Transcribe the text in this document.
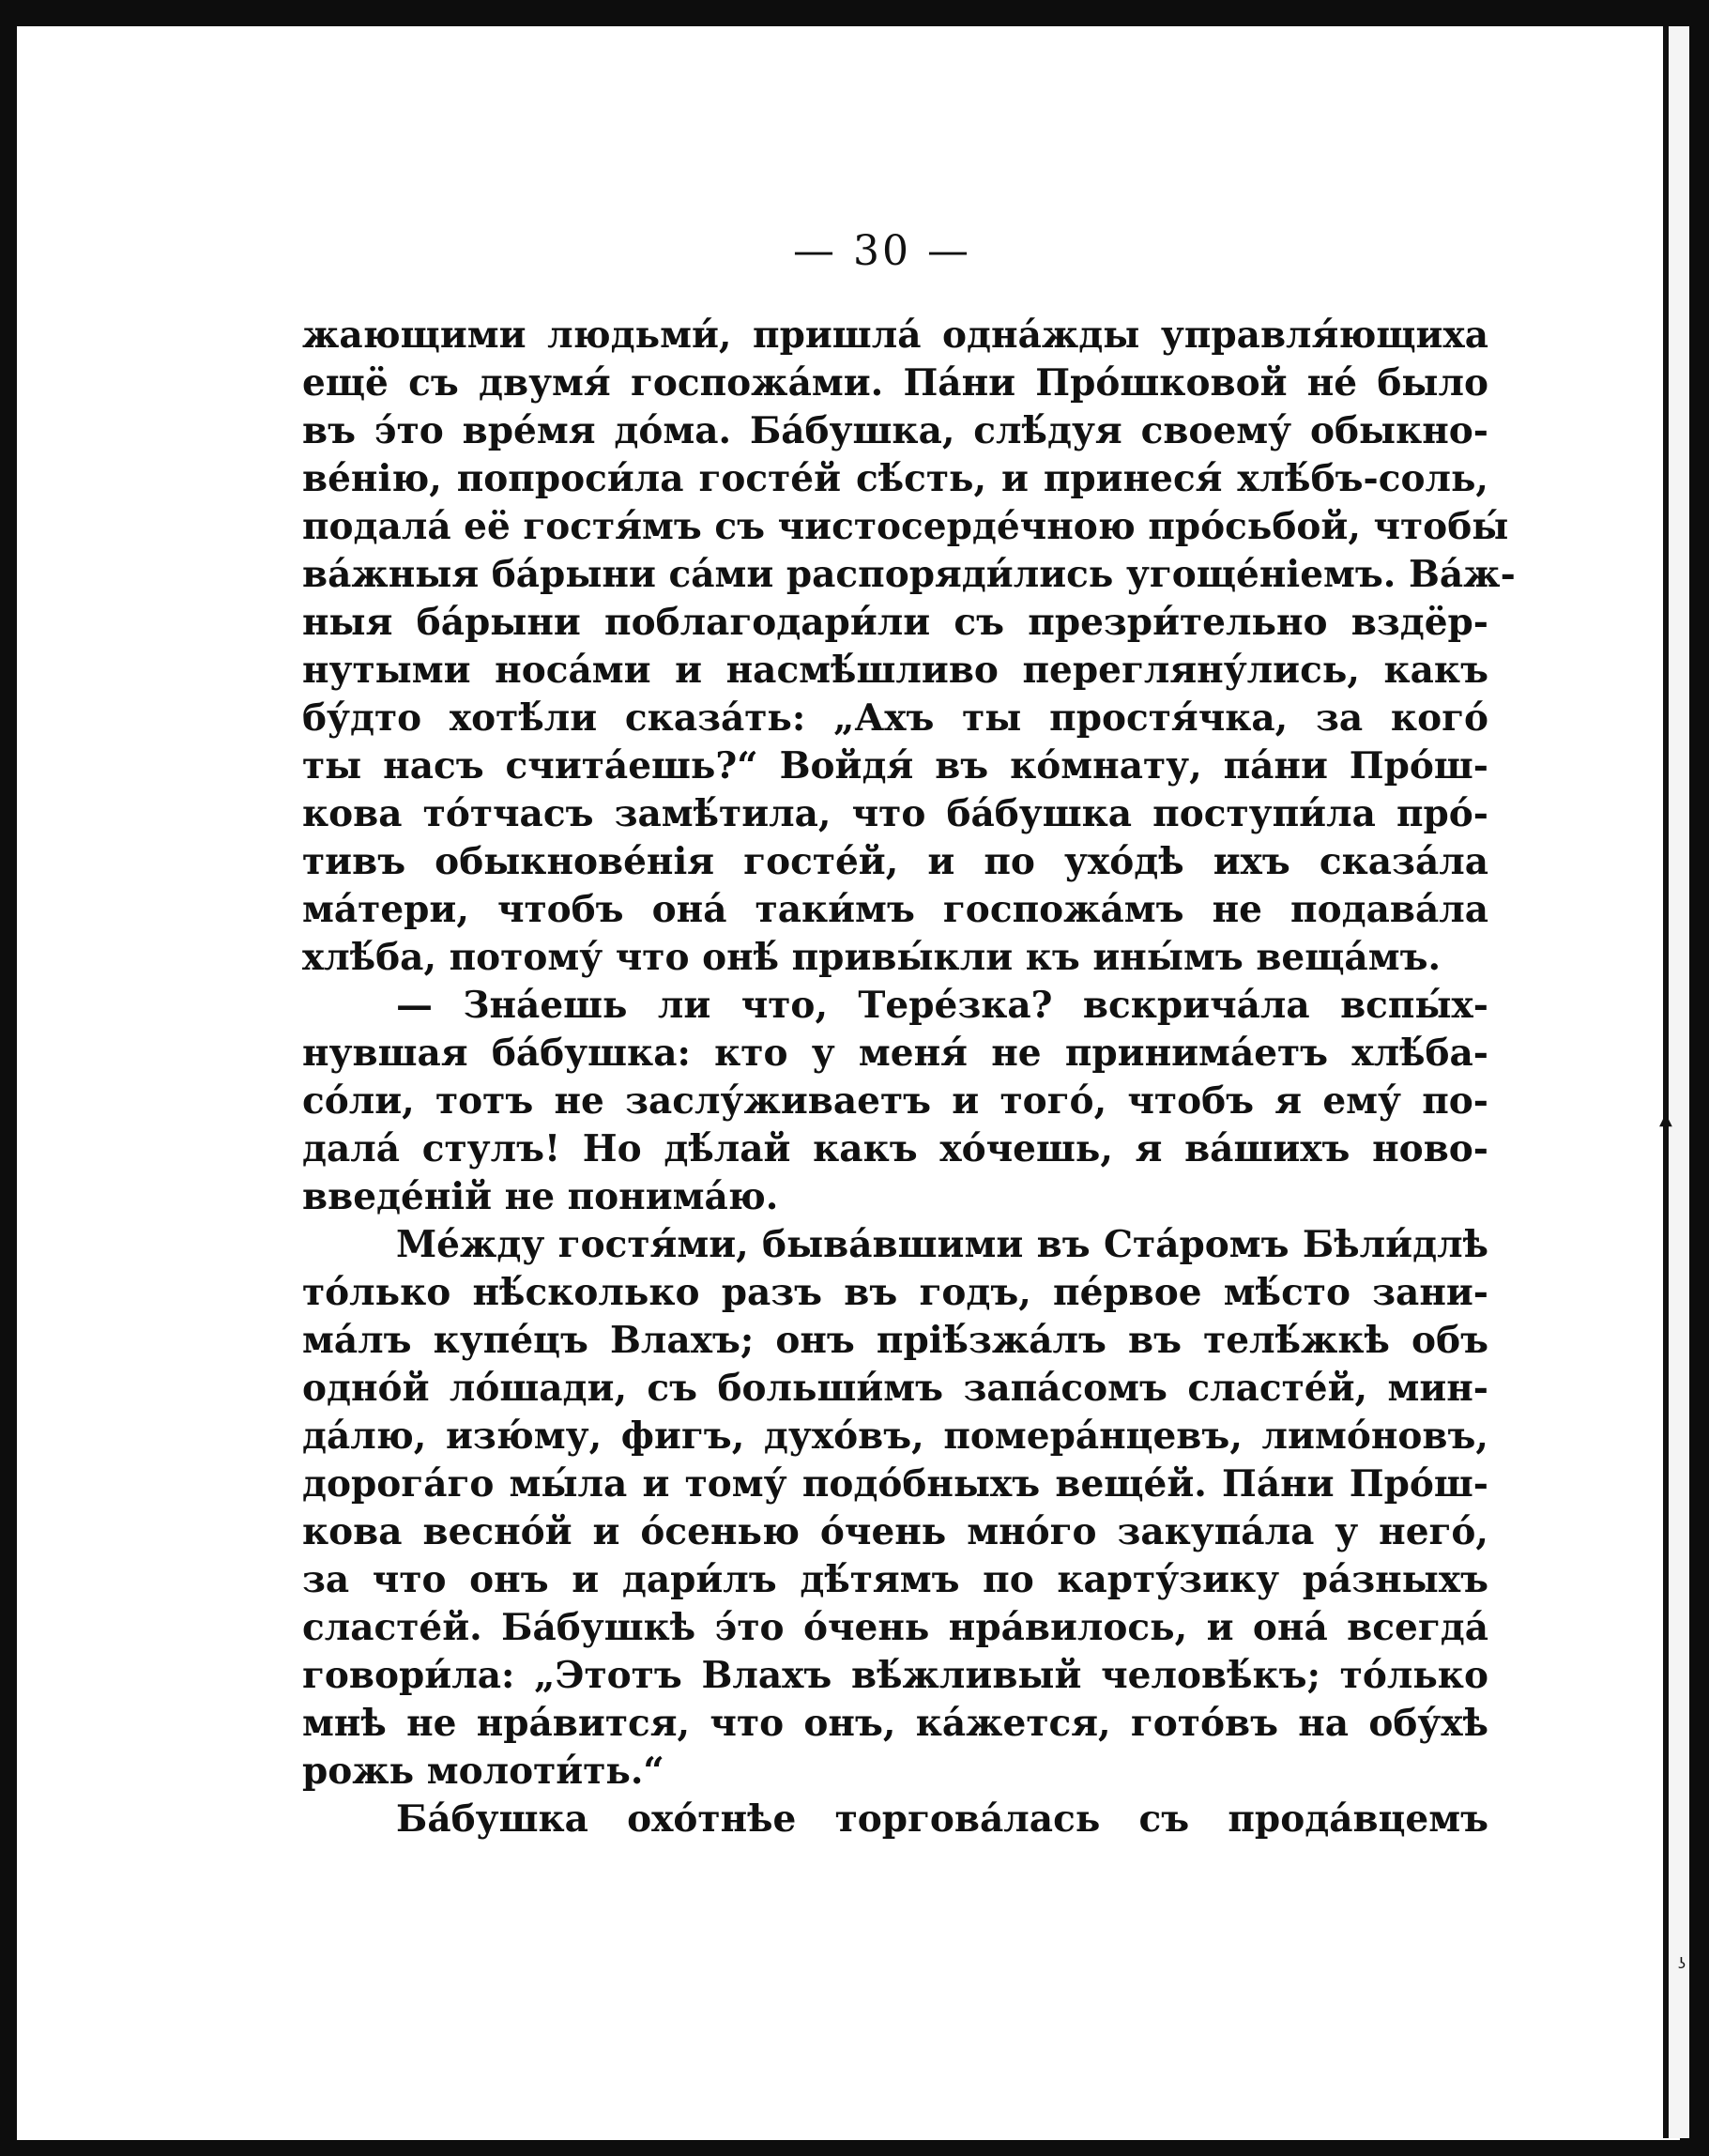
▲
ʖ
— 30 —
жающими людьми́, пришла́ одна́жды управля́ющиха
ещё съ двумя́ госпожа́ми. Па́ни Про́шковой не́ было
въ э́то вре́мя до́ма. Ба́бушка, слѣ́дуя своему́ обыкно-
ве́нію, попроси́ла госте́й сѣ́сть, и принеся́ хлѣ́бъ-соль,
подала́ её гостя́мъ съ чистосерде́чною про́сьбой, чтобы́
ва́жныя ба́рыни са́ми распоряди́лись угоще́ніемъ. Ва́ж-
ныя ба́рыни поблагодари́ли съ презри́тельно вздёр-
нутыми носа́ми и насмѣ́шливо перегляну́лись, какъ
бу́дто хотѣ́ли сказа́ть: „Ахъ ты простя́чка, за кого́
ты насъ счита́ешь?“ Войдя́ въ ко́мнату, па́ни Про́ш-
кова то́тчасъ замѣ́тила, что ба́бушка поступи́ла про́-
тивъ обыкнове́нія госте́й, и по ухо́дѣ ихъ сказа́ла
ма́тери, чтобъ она́ таки́мъ госпожа́мъ не подава́ла
хлѣ́ба, потому́ что онѣ́ привы́кли къ ины́мъ веща́мъ.
— Зна́ешь ли что, Тере́зка? вскрича́ла вспы́х-
нувшая ба́бушка: кто у меня́ не принима́етъ хлѣ́ба-
со́ли, тотъ не заслу́живаетъ и того́, чтобъ я ему́ по-
дала́ стулъ! Но дѣ́лай какъ хо́чешь, я ва́шихъ ново-
введе́ній не понима́ю.
Ме́жду гостя́ми, быва́вшими въ Ста́ромъ Бѣли́длѣ
то́лько нѣ́сколько разъ въ годъ, пе́рвое мѣ́сто зани-
ма́лъ купе́цъ Влахъ; онъ пріѣ́зжа́лъ въ телѣ́жкѣ объ
одно́й ло́шади, съ больши́мъ запа́сомъ сласте́й, мин-
да́лю, изю́му, фигъ, духо́въ, помера́нцевъ, лимо́новъ,
дорога́го мы́ла и тому́ подо́бныхъ веще́й. Па́ни Про́ш-
кова весно́й и о́сенью о́чень мно́го закупа́ла у него́,
за что онъ и дари́лъ дѣ́тямъ по карту́зику ра́зныхъ
сласте́й. Ба́бушкѣ э́то о́чень нра́вилось, и она́ всегда́
говори́ла: „Этотъ Влахъ вѣ́жливый человѣ́къ; то́лько
мнѣ не нра́вится, что онъ, ка́жется, гото́въ на обу́хѣ
рожь молоти́ть.“
Ба́бушка охо́тнѣе торгова́лась съ прода́вцемъ
